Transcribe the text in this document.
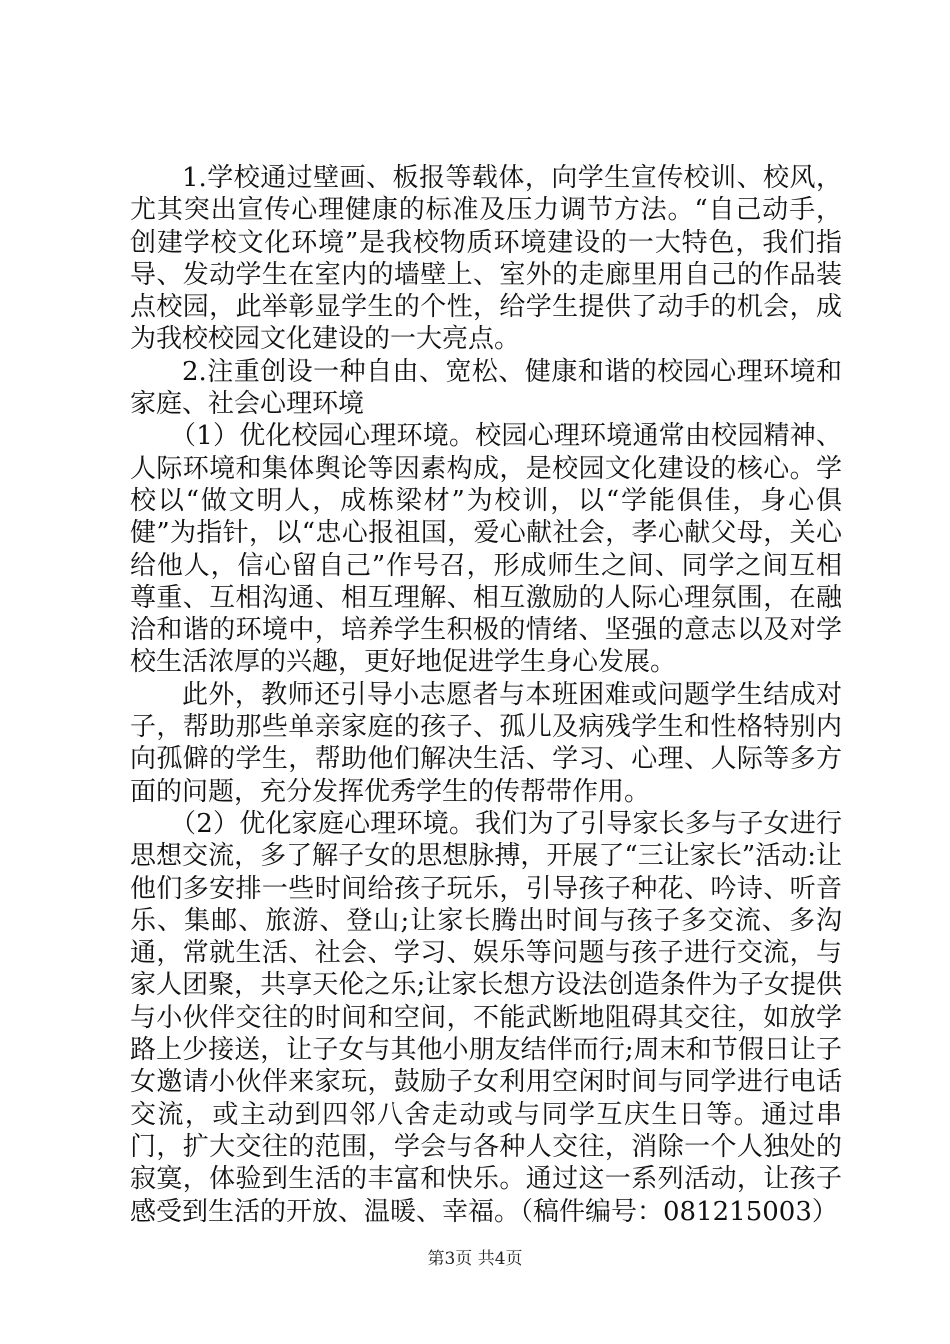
1.学校通过壁画、板报等载体，向学生宣传校训、校风，尤其突出宣传心理健康的标准及压力调节方法。“自己动手，创建学校文化环境”是我校物质环境建设的一大特色，我们指导、发动学生在室内的墙壁上、室外的走廊里用自己的作品装点校园，此举彰显学生的个性，给学生提供了动手的机会，成为我校校园文化建设的一大亮点。

2.注重创设一种自由、宽松、健康和谐的校园心理环境和家庭、社会心理环境

（1）优化校园心理环境。校园心理环境通常由校园精神、人际环境和集体舆论等因素构成，是校园文化建设的核心。学校以“做文明人，成栋梁材”为校训，以“学能俱佳，身心俱健”为指针，以“忠心报祖国，爱心献社会，孝心献父母，关心给他人，信心留自己”作号召，形成师生之间、同学之间互相尊重、互相沟通、相互理解、相互激励的人际心理氛围，在融洽和谐的环境中，培养学生积极的情绪、坚强的意志以及对学校生活浓厚的兴趣，更好地促进学生身心发展。

此外，教师还引导小志愿者与本班困难或问题学生结成对子，帮助那些单亲家庭的孩子、孤儿及病残学生和性格特别内向孤僻的学生，帮助他们解决生活、学习、心理、人际等多方面的问题，充分发挥优秀学生的传帮带作用。

（2）优化家庭心理环境。我们为了引导家长多与子女进行思想交流，多了解子女的思想脉搏，开展了“三让家长”活动:让他们多安排一些时间给孩子玩乐，引导孩子种花、吟诗、听音乐、集邮、旅游、登山;让家长腾出时间与孩子多交流、多沟通，常就生活、社会、学习、娱乐等问题与孩子进行交流，与家人团聚，共享天伦之乐;让家长想方设法创造条件为子女提供与小伙伴交往的时间和空间，不能武断地阻碍其交往，如放学路上少接送，让子女与其他小朋友结伴而行;周末和节假日让子女邀请小伙伴来家玩，鼓励子女利用空闲时间与同学进行电话交流，或主动到四邻八舍走动或与同学互庆生日等。通过串门，扩大交往的范围，学会与各种人交往，消除一个人独处的寂寞，体验到生活的丰富和快乐。通过这一系列活动，让孩子感受到生活的开放、温暖、幸福。（稿件编号：081215003）

第3页 共4页
